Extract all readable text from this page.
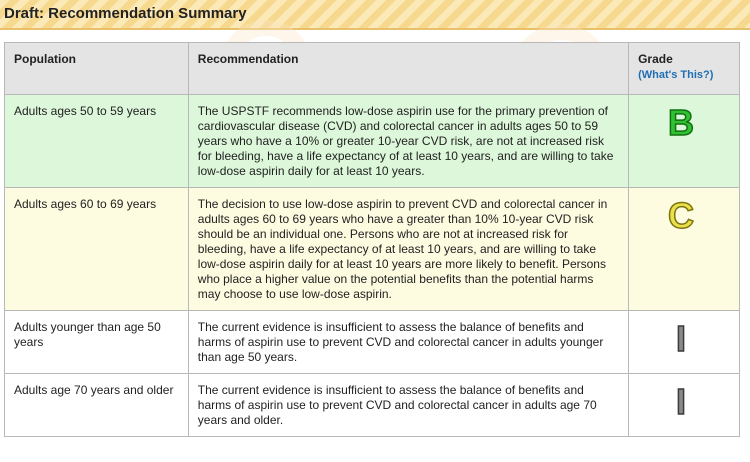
Draft: Recommendation Summary
Population	Recommendation	Grade
(What's This?)

Adults ages 50 to 59 years	The USPSTF recommends low-dose aspirin use for the primary prevention of cardiovascular disease (CVD) and colorectal cancer in adults ages 50 to 59 years who have a 10% or greater 10-year CVD risk, are not at increased risk for bleeding, have a life expectancy of at least 10 years, and are willing to take low-dose aspirin daily for at least 10 years.	B
Adults ages 60 to 69 years	The decision to use low-dose aspirin to prevent CVD and colorectal cancer in adults ages 60 to 69 years who have a greater than 10% 10-year CVD risk should be an individual one. Persons who are not at increased risk for bleeding, have a life expectancy of at least 10 years, and are willing to take low-dose aspirin daily for at least 10 years are more likely to benefit. Persons who place a higher value on the potential benefits than the potential harms may choose to use low-dose aspirin.	C
Adults younger than age 50 years	The current evidence is insufficient to assess the balance of benefits and harms of aspirin use to prevent CVD and colorectal cancer in adults younger than age 50 years.	I
Adults age 70 years and older	The current evidence is insufficient to assess the balance of benefits and harms of aspirin use to prevent CVD and colorectal cancer in adults age 70 years and older.	I
